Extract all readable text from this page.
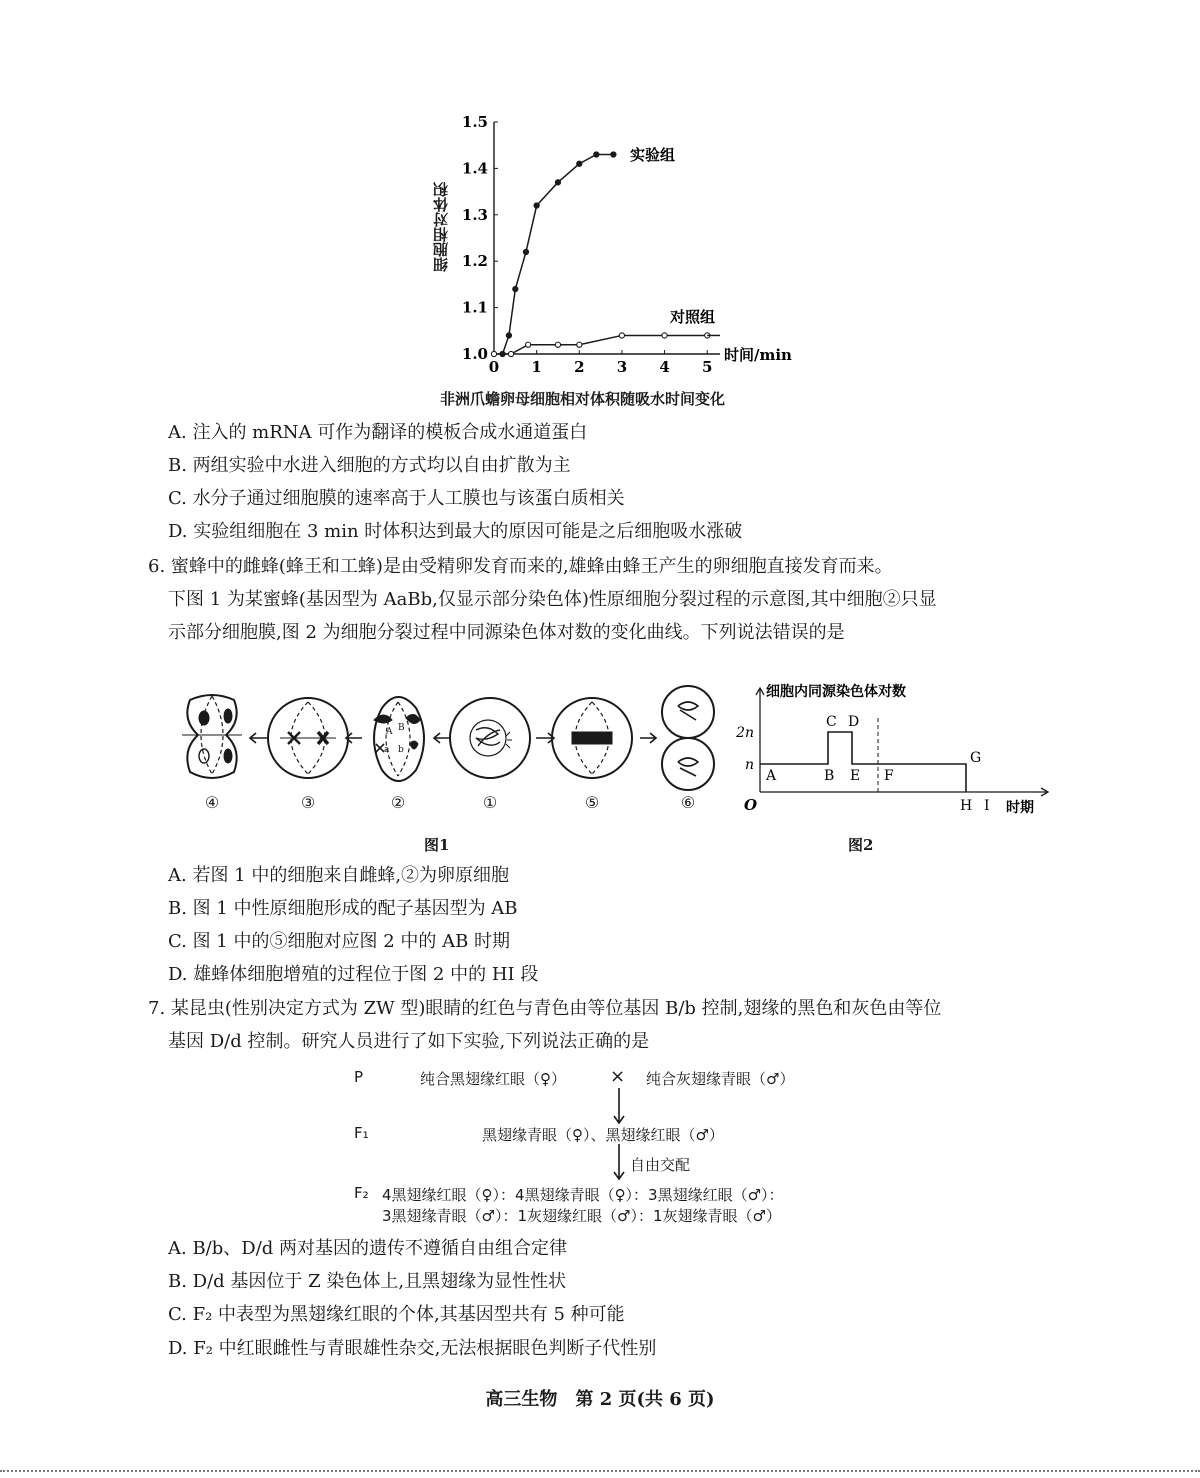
0 1 2 3 4 5
1.0
1.1
1.2
1.3
1.4
1.5
时间/min
实验组
对照组
细胞相对体积
非洲爪蟾卵母细胞相对体积随吸水时间变化
A. 注入的 mRNA 可作为翻译的模板合成水通道蛋白
B. 两组实验中水进入细胞的方式均以自由扩散为主
C. 水分子通过细胞膜的速率高于人工膜也与该蛋白质相关
D. 实验组细胞在 3 min 时体积达到最大的原因可能是之后细胞吸水涨破
6. 蜜蜂中的雌蜂(蜂王和工蜂)是由受精卵发育而来的,雄蜂由蜂王产生的卵细胞直接发育而来。
下图 1 为某蜜蜂(基因型为 AaBb,仅显示部分染色体)性原细胞分裂过程的示意图,其中细胞②只显
示部分细胞膜,图 2 为细胞分裂过程中同源染色体对数的变化曲线。下列说法错误的是
④	③	②	①	⑤	⑥
A B
a b
图1
细胞内同源染色体对数
时期
O
n
2n
A	B
C D
E F
G
H I
图2
A. 若图 1 中的细胞来自雌蜂,②为卵原细胞
B. 图 1 中性原细胞形成的配子基因型为 AB
C. 图 1 中的⑤细胞对应图 2 中的 AB 时期
D. 雄蜂体细胞增殖的过程位于图 2 中的 HI 段
7. 某昆虫(性别决定方式为 ZW 型)眼睛的红色与青色由等位基因 B/b 控制,翅缘的黑色和灰色由等位
基因 D/d 控制。研究人员进行了如下实验,下列说法正确的是
P	纯合黑翅缘红眼（♀） × 纯合灰翅缘青眼（♂）
F₁	黑翅缘青眼（♀）、黑翅缘红眼（♂）
自由交配
F₂ 4黑翅缘红眼（♀）：4黑翅缘青眼（♀）：3黑翅缘红眼（♂）：
3黑翅缘青眼（♂）：1灰翅缘红眼（♂）：1灰翅缘青眼（♂）
A. B/b、D/d 两对基因的遗传不遵循自由组合定律
B. D/d 基因位于 Z 染色体上,且黑翅缘为显性性状
C. F₂ 中表型为黑翅缘红眼的个体,其基因型共有 5 种可能
D. F₂ 中红眼雌性与青眼雄性杂交,无法根据眼色判断子代性别
高三生物　第 2 页(共 6 页)
